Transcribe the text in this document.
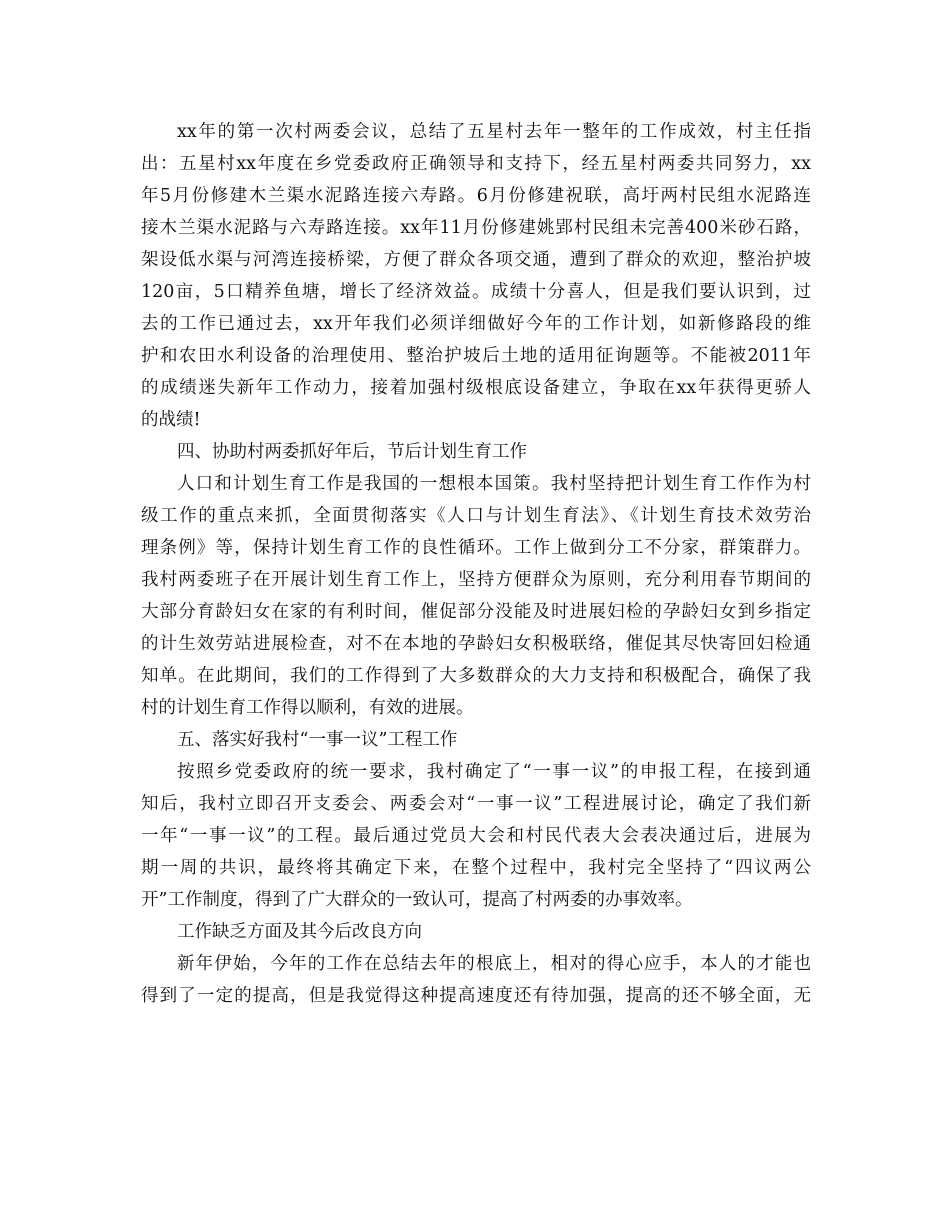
xx年的第一次村两委会议，总结了五星村去年一整年的工作成效，村主任指
出：五星村xx年度在乡党委政府正确领导和支持下，经五星村两委共同努力，xx
年5月份修建木兰渠水泥路连接六寿路。6月份修建祝联，高圩两村民组水泥路连
接木兰渠水泥路与六寿路连接。xx年11月份修建姚郢村民组未完善400米砂石路，
架设低水渠与河湾连接桥梁，方便了群众各项交通，遭到了群众的欢迎，整治护坡
120亩，5口精养鱼塘，增长了经济效益。成绩十分喜人，但是我们要认识到，过
去的工作已通过去，xx开年我们必须详细做好今年的工作计划，如新修路段的维
护和农田水利设备的治理使用、整治护坡后土地的适用征询题等。不能被2011年
的成绩迷失新年工作动力，接着加强村级根底设备建立，争取在xx年获得更骄人
的战绩!
四、协助村两委抓好年后，节后计划生育工作
人口和计划生育工作是我国的一想根本国策。我村坚持把计划生育工作作为村
级工作的重点来抓，全面贯彻落实《人口与计划生育法》、《计划生育技术效劳治
理条例》等，保持计划生育工作的良性循环。工作上做到分工不分家，群策群力。
我村两委班子在开展计划生育工作上，坚持方便群众为原则，充分利用春节期间的
大部分育龄妇女在家的有利时间，催促部分没能及时进展妇检的孕龄妇女到乡指定
的计生效劳站进展检查，对不在本地的孕龄妇女积极联络，催促其尽快寄回妇检通
知单。在此期间，我们的工作得到了大多数群众的大力支持和积极配合，确保了我
村的计划生育工作得以顺利，有效的进展。
五、落实好我村“一事一议”工程工作
按照乡党委政府的统一要求，我村确定了“一事一议”的申报工程，在接到通
知后，我村立即召开支委会、两委会对“一事一议”工程进展讨论，确定了我们新
一年“一事一议”的工程。最后通过党员大会和村民代表大会表决通过后，进展为
期一周的共识，最终将其确定下来，在整个过程中，我村完全坚持了“四议两公
开”工作制度，得到了广大群众的一致认可，提高了村两委的办事效率。
工作缺乏方面及其今后改良方向
新年伊始，今年的工作在总结去年的根底上，相对的得心应手，本人的才能也
得到了一定的提高，但是我觉得这种提高速度还有待加强，提高的还不够全面，无
